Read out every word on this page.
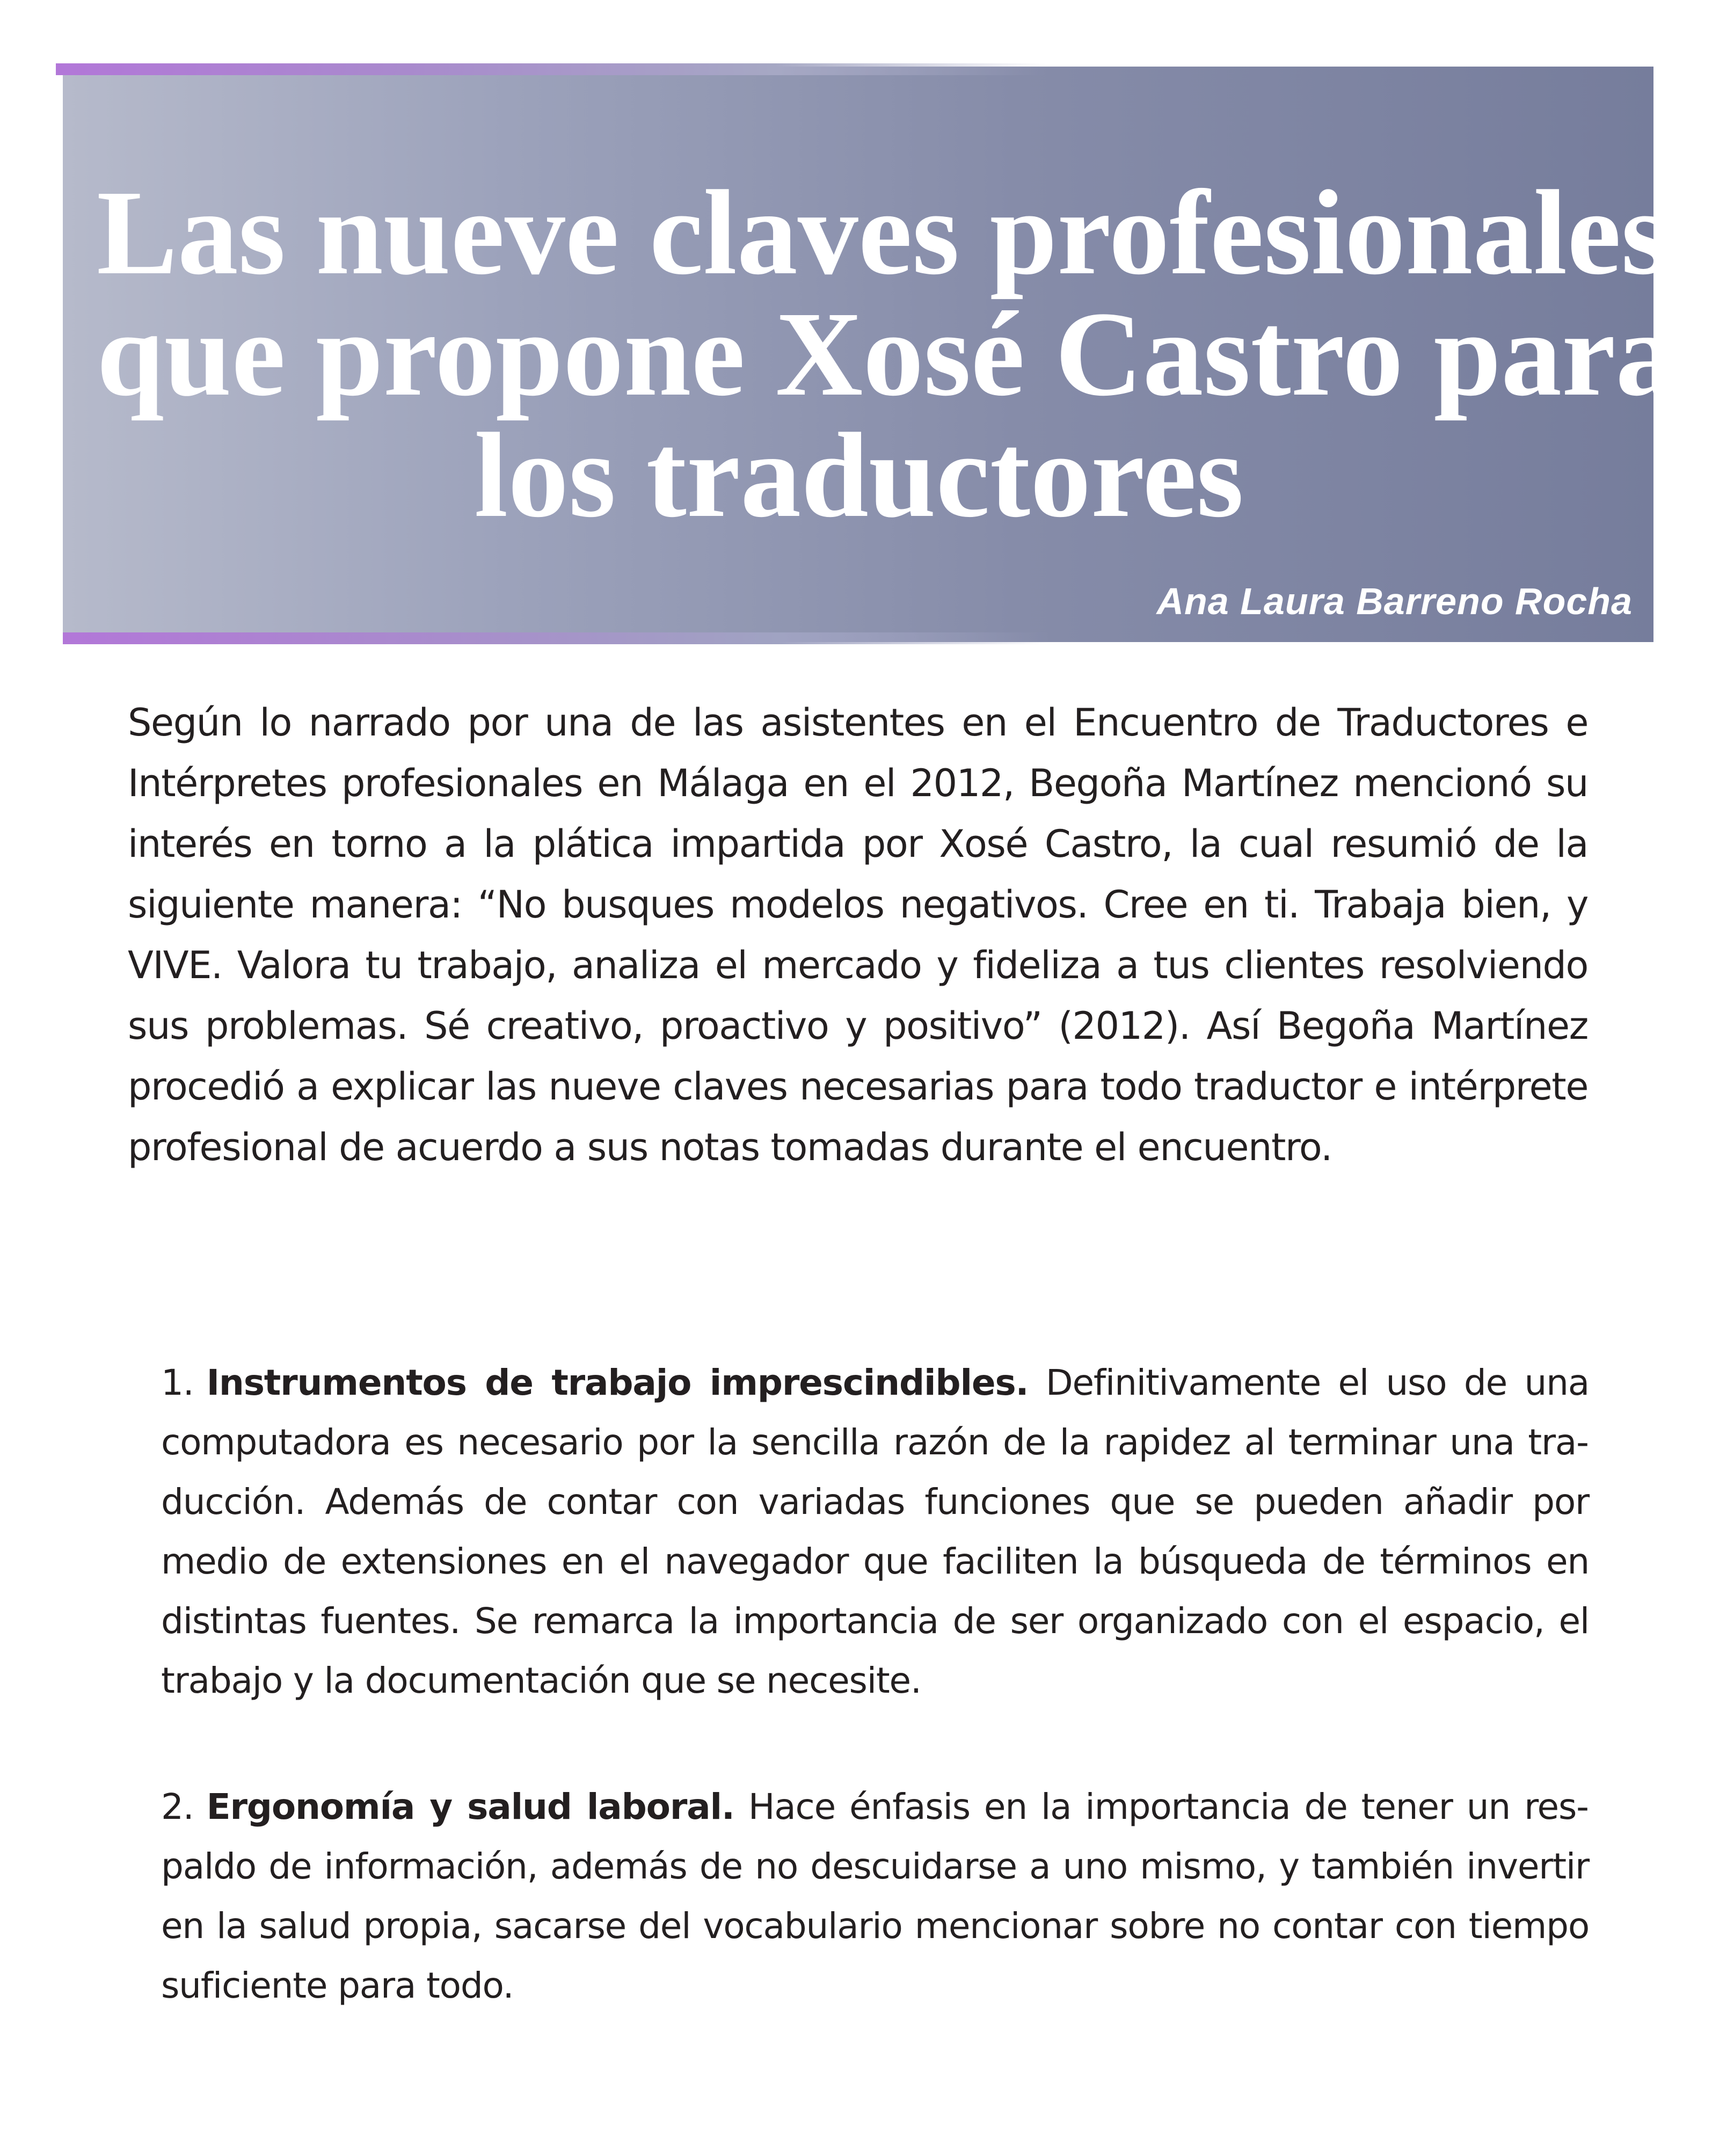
Las nueve claves profesionales
que propone Xosé Castro para
los traductores

Ana Laura Barreno Rocha

Según lo narrado por una de las asistentes en el Encuentro de Traductores e Intérpretes profesionales en Málaga en el 2012, Begoña Martínez mencionó su interés en torno a la plática impartida por Xosé Castro, la cual resumió de la siguiente manera: “No busques modelos negativos. Cree en ti. Trabaja bien, y VIVE. Valora tu trabajo, analiza el mercado y fideliza a tus clientes resolviendo sus problemas. Sé creativo, proactivo y positivo” (2012). Así Begoña Martínez procedió a explicar las nueve claves necesarias para todo traductor e intérprete profesional de acuerdo a sus notas tomadas durante el encuentro.

1. Instrumentos de trabajo imprescindibles. Definitivamente el uso de una computadora es necesario por la sencilla razón de la rapidez al terminar una traducción. Además de contar con variadas funciones que se pueden añadir por medio de extensiones en el navegador que faciliten la búsqueda de términos en distintas fuentes. Se remarca la importancia de ser organizado con el espacio, el trabajo y la documentación que se necesite.

2. Ergonomía y salud laboral. Hace énfasis en la importancia de tener un respaldo de información, además de no descuidarse a uno mismo, y también invertir en la salud propia, sacarse del vocabulario mencionar sobre no contar con tiempo suficiente para todo.
